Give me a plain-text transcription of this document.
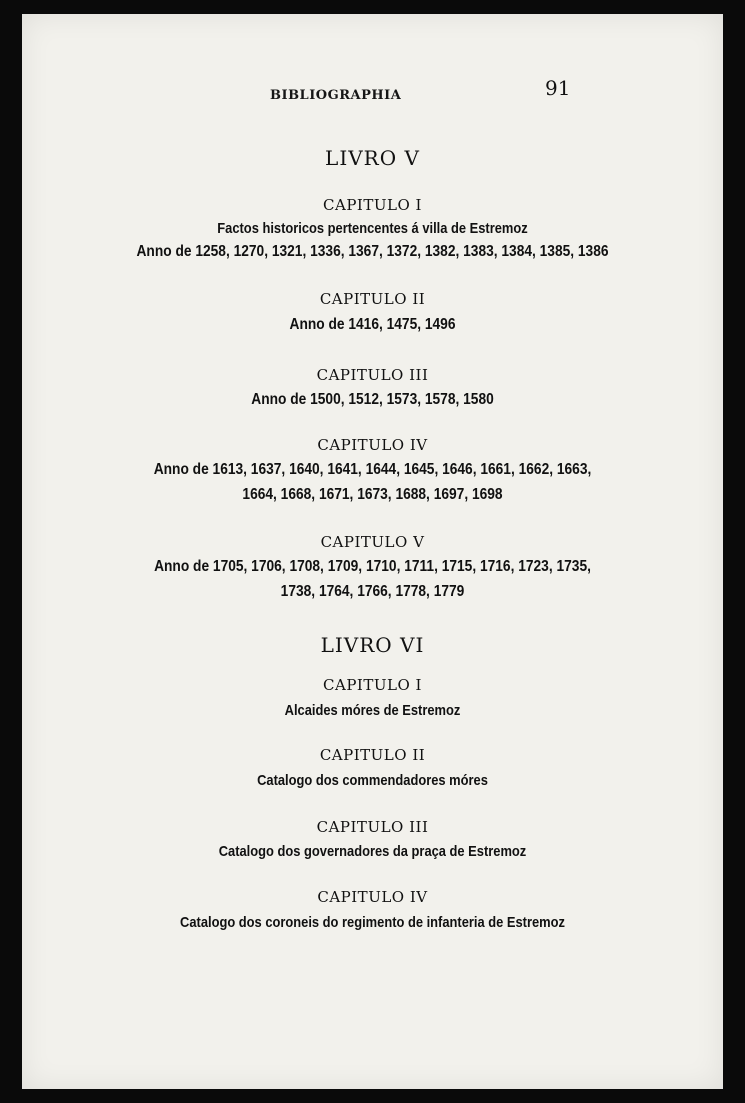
BIBLIOGRAPHIA	91
LIVRO V
CAPITULO I
Factos historicos pertencentes á villa de Estremoz
Anno de 1258, 1270, 1321, 1336, 1367, 1372, 1382, 1383, 1384, 1385, 1386
CAPITULO II
Anno de 1416, 1475, 1496
CAPITULO III
Anno de 1500, 1512, 1573, 1578, 1580
CAPITULO IV
Anno de 1613, 1637, 1640, 1641, 1644, 1645, 1646, 1661, 1662, 1663,
1664, 1668, 1671, 1673, 1688, 1697, 1698
CAPITULO V
Anno de 1705, 1706, 1708, 1709, 1710, 1711, 1715, 1716, 1723, 1735,
1738, 1764, 1766, 1778, 1779
LIVRO VI
CAPITULO I
Alcaides móres de Estremoz
CAPITULO II
Catalogo dos commendadores móres
CAPITULO III
Catalogo dos governadores da praça de Estremoz
CAPITULO IV
Catalogo dos coroneis do regimento de infanteria de Estremoz
